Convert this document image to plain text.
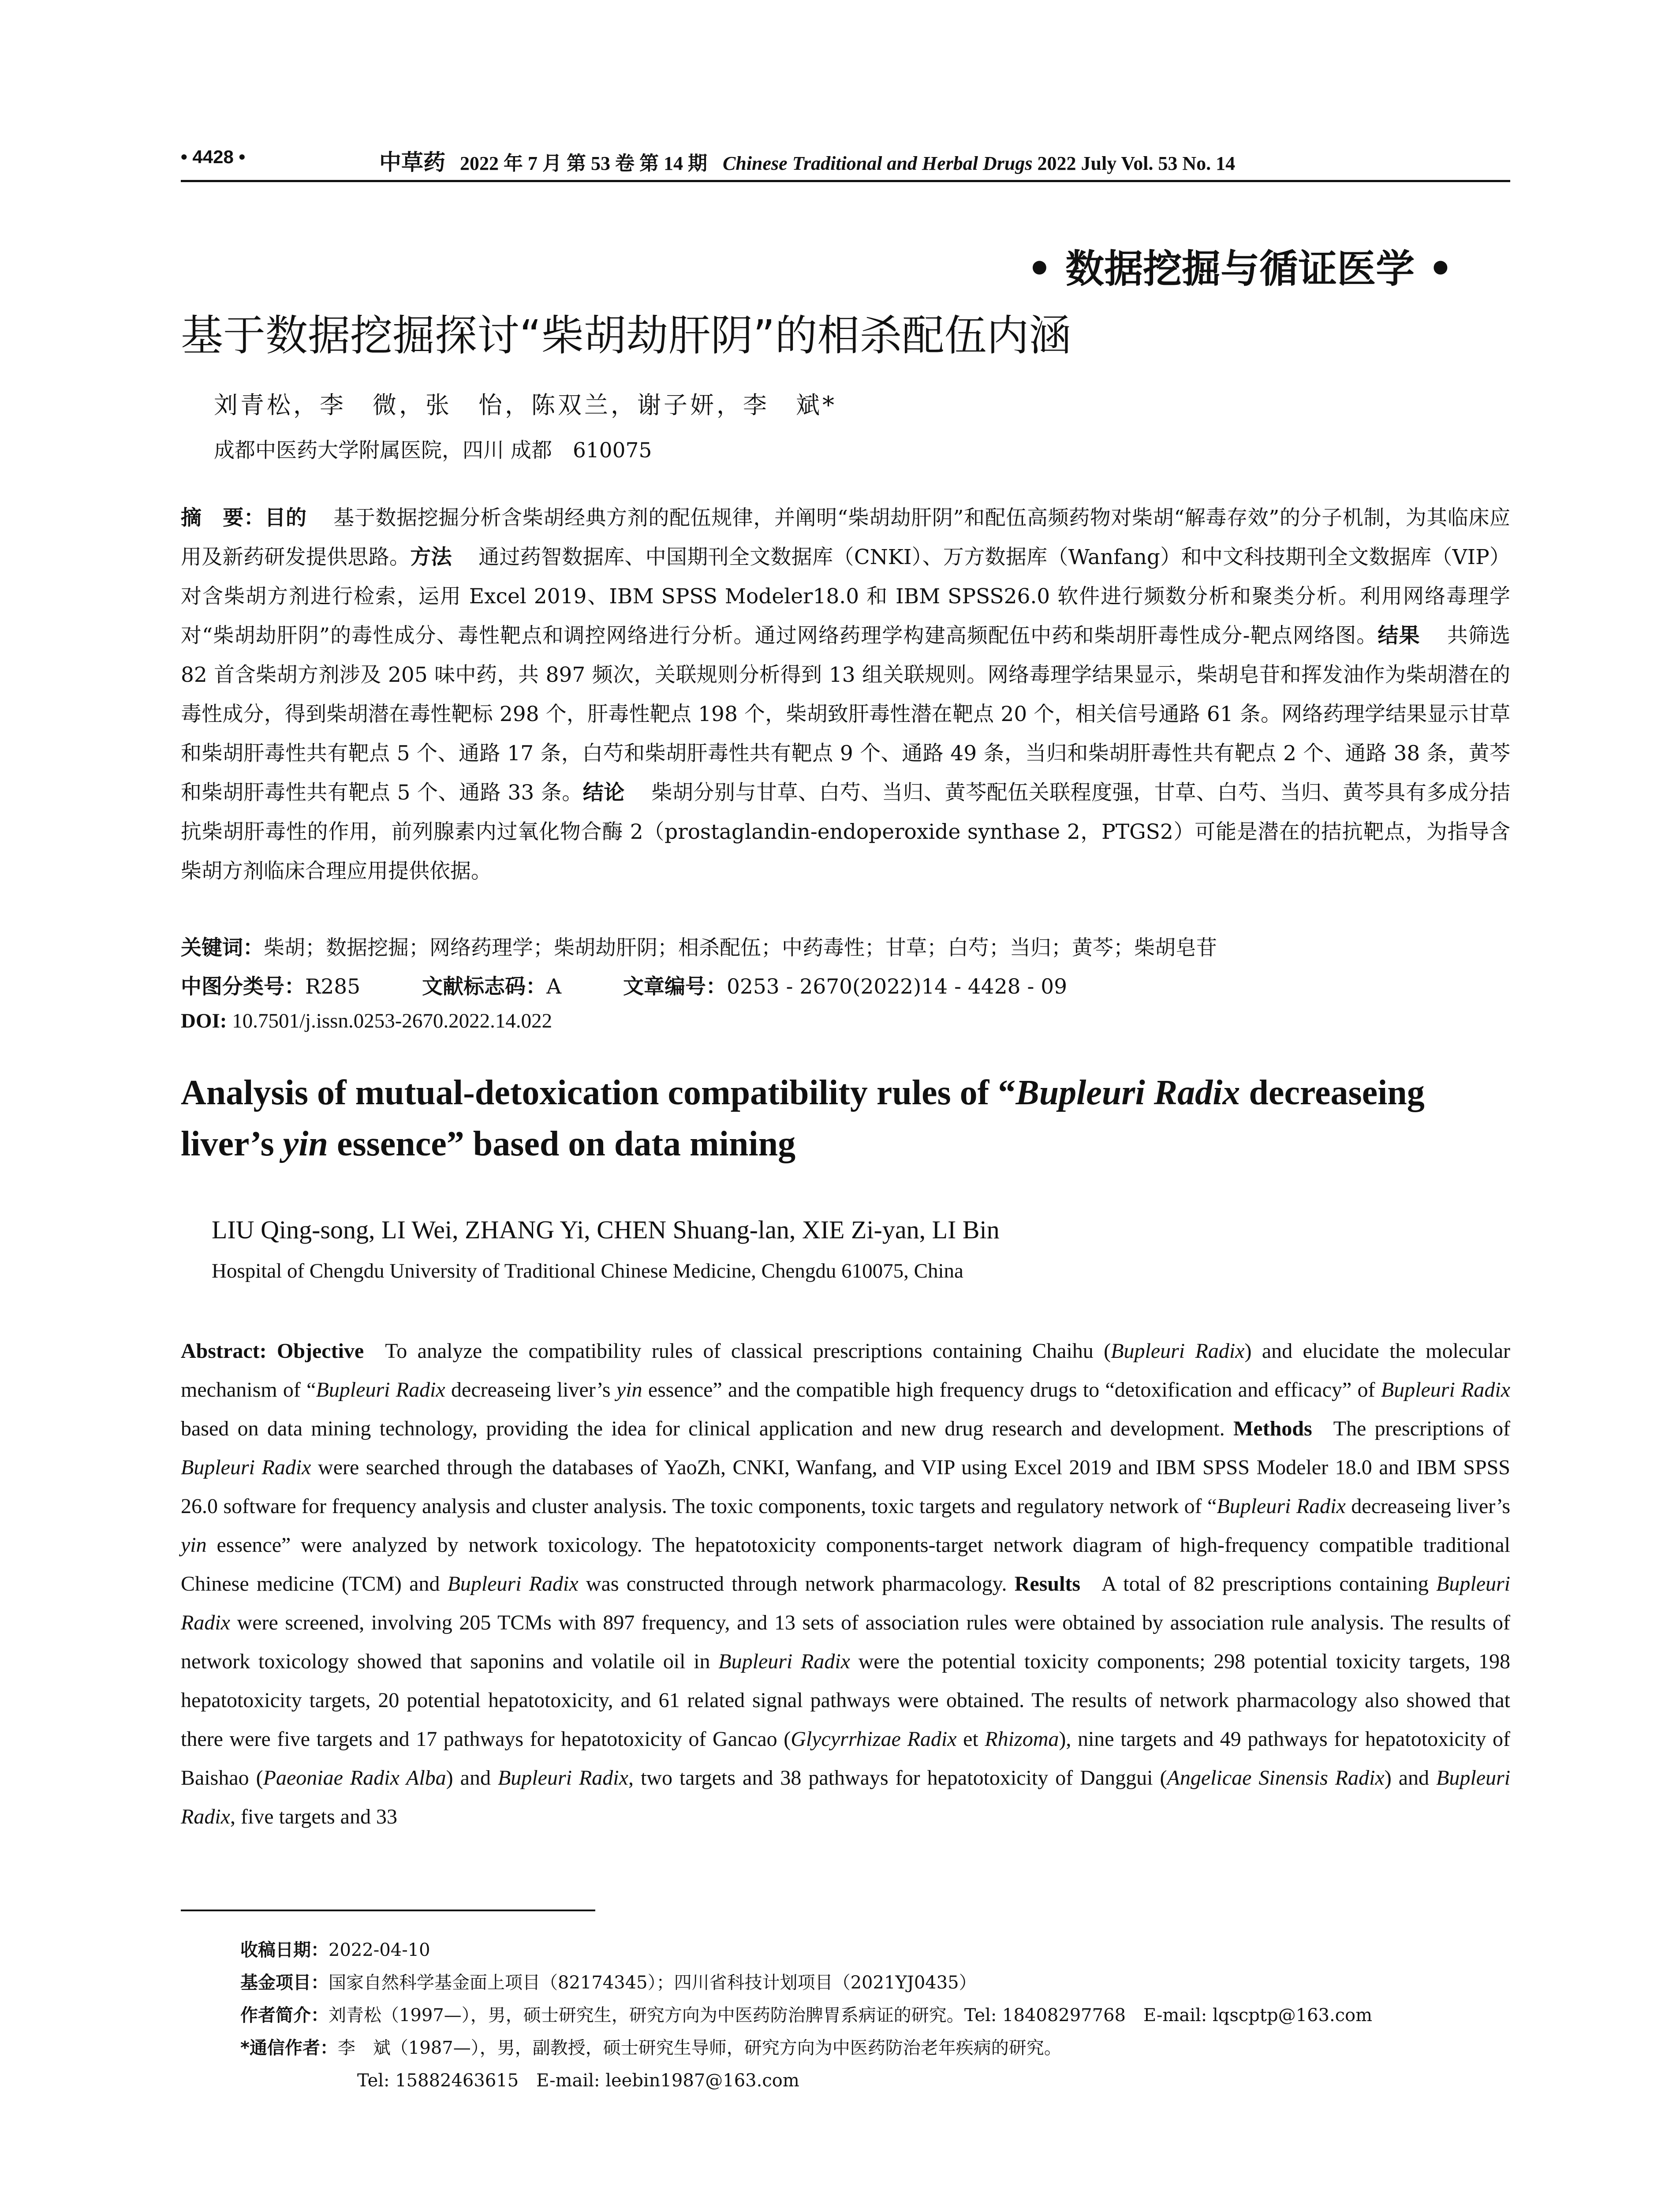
• 4428 •	中草药 2022 年 7 月 第 53 卷 第 14 期 Chinese Traditional and Herbal Drugs 2022 July Vol. 53 No. 14
• 数据挖掘与循证医学 •
基于数据挖掘探讨“柴胡劫肝阴”的相杀配伍内涵
刘青松，李　微，张　怡，陈双兰，谢子妍，李　斌*
成都中医药大学附属医院，四川 成都　610075

摘　要：目的 基于数据挖掘分析含柴胡经典方剂的配伍规律，并阐明“柴胡劫肝阴”和配伍高频药物对柴胡“解毒存效”的分子机制，为其临床应用及新药研发提供思路。方法 通过药智数据库、中国期刊全文数据库（CNKI）、万方数据库（Wanfang）和中文科技期刊全文数据库（VIP）对含柴胡方剂进行检索，运用 Excel 2019、IBM SPSS Modeler18.0 和 IBM SPSS26.0 软件进行频数分析和聚类分析。利用网络毒理学对“柴胡劫肝阴”的毒性成分、毒性靶点和调控网络进行分析。通过网络药理学构建高频配伍中药和柴胡肝毒性成分-靶点网络图。结果 共筛选 82 首含柴胡方剂涉及 205 味中药，共 897 频次，关联规则分析得到 13 组关联规则。网络毒理学结果显示，柴胡皂苷和挥发油作为柴胡潜在的毒性成分，得到柴胡潜在毒性靶标 298 个，肝毒性靶点 198 个，柴胡致肝毒性潜在靶点 20 个，相关信号通路 61 条。网络药理学结果显示甘草和柴胡肝毒性共有靶点 5 个、通路 17 条，白芍和柴胡肝毒性共有靶点 9 个、通路 49 条，当归和柴胡肝毒性共有靶点 2 个、通路 38 条，黄芩和柴胡肝毒性共有靶点 5 个、通路 33 条。结论 柴胡分别与甘草、白芍、当归、黄芩配伍关联程度强，甘草、白芍、当归、黄芩具有多成分拮抗柴胡肝毒性的作用，前列腺素内过氧化物合酶 2（prostaglandin-endoperoxide synthase 2，PTGS2）可能是潜在的拮抗靶点，为指导含柴胡方剂临床合理应用提供依据。

关键词：柴胡；数据挖掘；网络药理学；柴胡劫肝阴；相杀配伍；中药毒性；甘草；白芍；当归；黄芩；柴胡皂苷
中图分类号：R285	文献标志码：A	文章编号：0253 - 2670(2022)14 - 4428 - 09
DOI: 10.7501/j.issn.0253-2670.2022.14.022
Analysis of mutual-detoxication compatibility rules of “Bupleuri Radix decreaseing liver’s yin essence” based on data mining
LIU Qing-song, LI Wei, ZHANG Yi, CHEN Shuang-lan, XIE Zi-yan, LI Bin
Hospital of Chengdu University of Traditional Chinese Medicine, Chengdu 610075, China

Abstract: Objective To analyze the compatibility rules of classical prescriptions containing Chaihu (Bupleuri Radix) and elucidate the molecular mechanism of “Bupleuri Radix decreaseing liver’s yin essence” and the compatible high frequency drugs to “detoxification and efficacy” of Bupleuri Radix based on data mining technology, providing the idea for clinical application and new drug research and development. Methods The prescriptions of Bupleuri Radix were searched through the databases of YaoZh, CNKI, Wanfang, and VIP using Excel 2019 and IBM SPSS Modeler 18.0 and IBM SPSS 26.0 software for frequency analysis and cluster analysis. The toxic components, toxic targets and regulatory network of “Bupleuri Radix decreaseing liver’s yin essence” were analyzed by network toxicology. The hepatotoxicity components-target network diagram of high-frequency compatible traditional Chinese medicine (TCM) and Bupleuri Radix was constructed through network pharmacology. Results A total of 82 prescriptions containing Bupleuri Radix were screened, involving 205 TCMs with 897 frequency, and 13 sets of association rules were obtained by association rule analysis. The results of network toxicology showed that saponins and volatile oil in Bupleuri Radix were the potential toxicity components; 298 potential toxicity targets, 198 hepatotoxicity targets, 20 potential hepatotoxicity, and 61 related signal pathways were obtained. The results of network pharmacology also showed that there were five targets and 17 pathways for hepatotoxicity of Gancao (Glycyrrhizae Radix et Rhizoma), nine targets and 49 pathways for hepatotoxicity of Baishao (Paeoniae Radix Alba) and Bupleuri Radix, two targets and 38 pathways for hepatotoxicity of Danggui (Angelicae Sinensis Radix) and Bupleuri Radix, five targets and 33

收稿日期：2022-04-10
基金项目：国家自然科学基金面上项目（82174345）；四川省科技计划项目（2021YJ0435）
作者简介：刘青松（1997—），男，硕士研究生，研究方向为中医药防治脾胃系病证的研究。Tel: 18408297768　E-mail: lqscptp@163.com
*通信作者：李　斌（1987—），男，副教授，硕士研究生导师，研究方向为中医药防治老年疾病的研究。
Tel: 15882463615　E-mail: leebin1987@163.com
